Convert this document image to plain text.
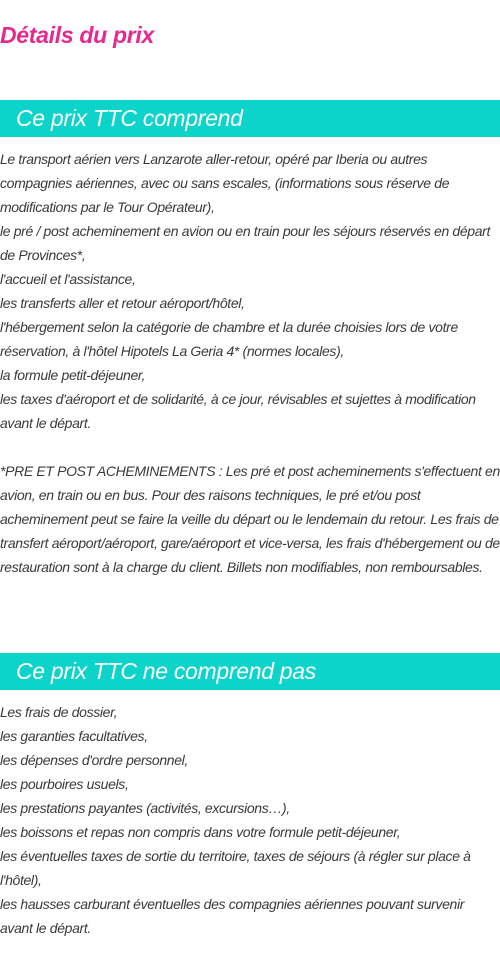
Détails du prix
Ce prix TTC comprend

Le transport aérien vers Lanzarote aller-retour, opéré par Iberia ou autres compagnies aériennes, avec ou sans escales, (informations sous réserve de modifications par le Tour Opérateur),

le pré / post acheminement en avion ou en train pour les séjours réservés en départ de Provinces*,

l'accueil et l'assistance,

les transferts aller et retour aéroport/hôtel,

l'hébergement selon la catégorie de chambre et la durée choisies lors de votre réservation, à l'hôtel Hipotels La Geria 4* (normes locales),

la formule petit-déjeuner,

les taxes d'aéroport et de solidarité, à ce jour, révisables et sujettes à modification avant le départ.

*PRE ET POST ACHEMINEMENTS : Les pré et post acheminements s'effectuent en avion, en train ou en bus. Pour des raisons techniques, le pré et/ou post acheminement peut se faire la veille du départ ou le lendemain du retour. Les frais de transfert aéroport/aéroport, gare/aéroport et vice-versa, les frais d'hébergement ou de restauration sont à la charge du client. Billets non modifiables, non remboursables.

Ce prix TTC ne comprend pas

Les frais de dossier,

les garanties facultatives,

les dépenses d'ordre personnel,

les pourboires usuels,

les prestations payantes (activités, excursions…),

les boissons et repas non compris dans votre formule petit-déjeuner,

les éventuelles taxes de sortie du territoire, taxes de séjours (à régler sur place à l'hôtel),

les hausses carburant éventuelles des compagnies aériennes pouvant survenir avant le départ.
